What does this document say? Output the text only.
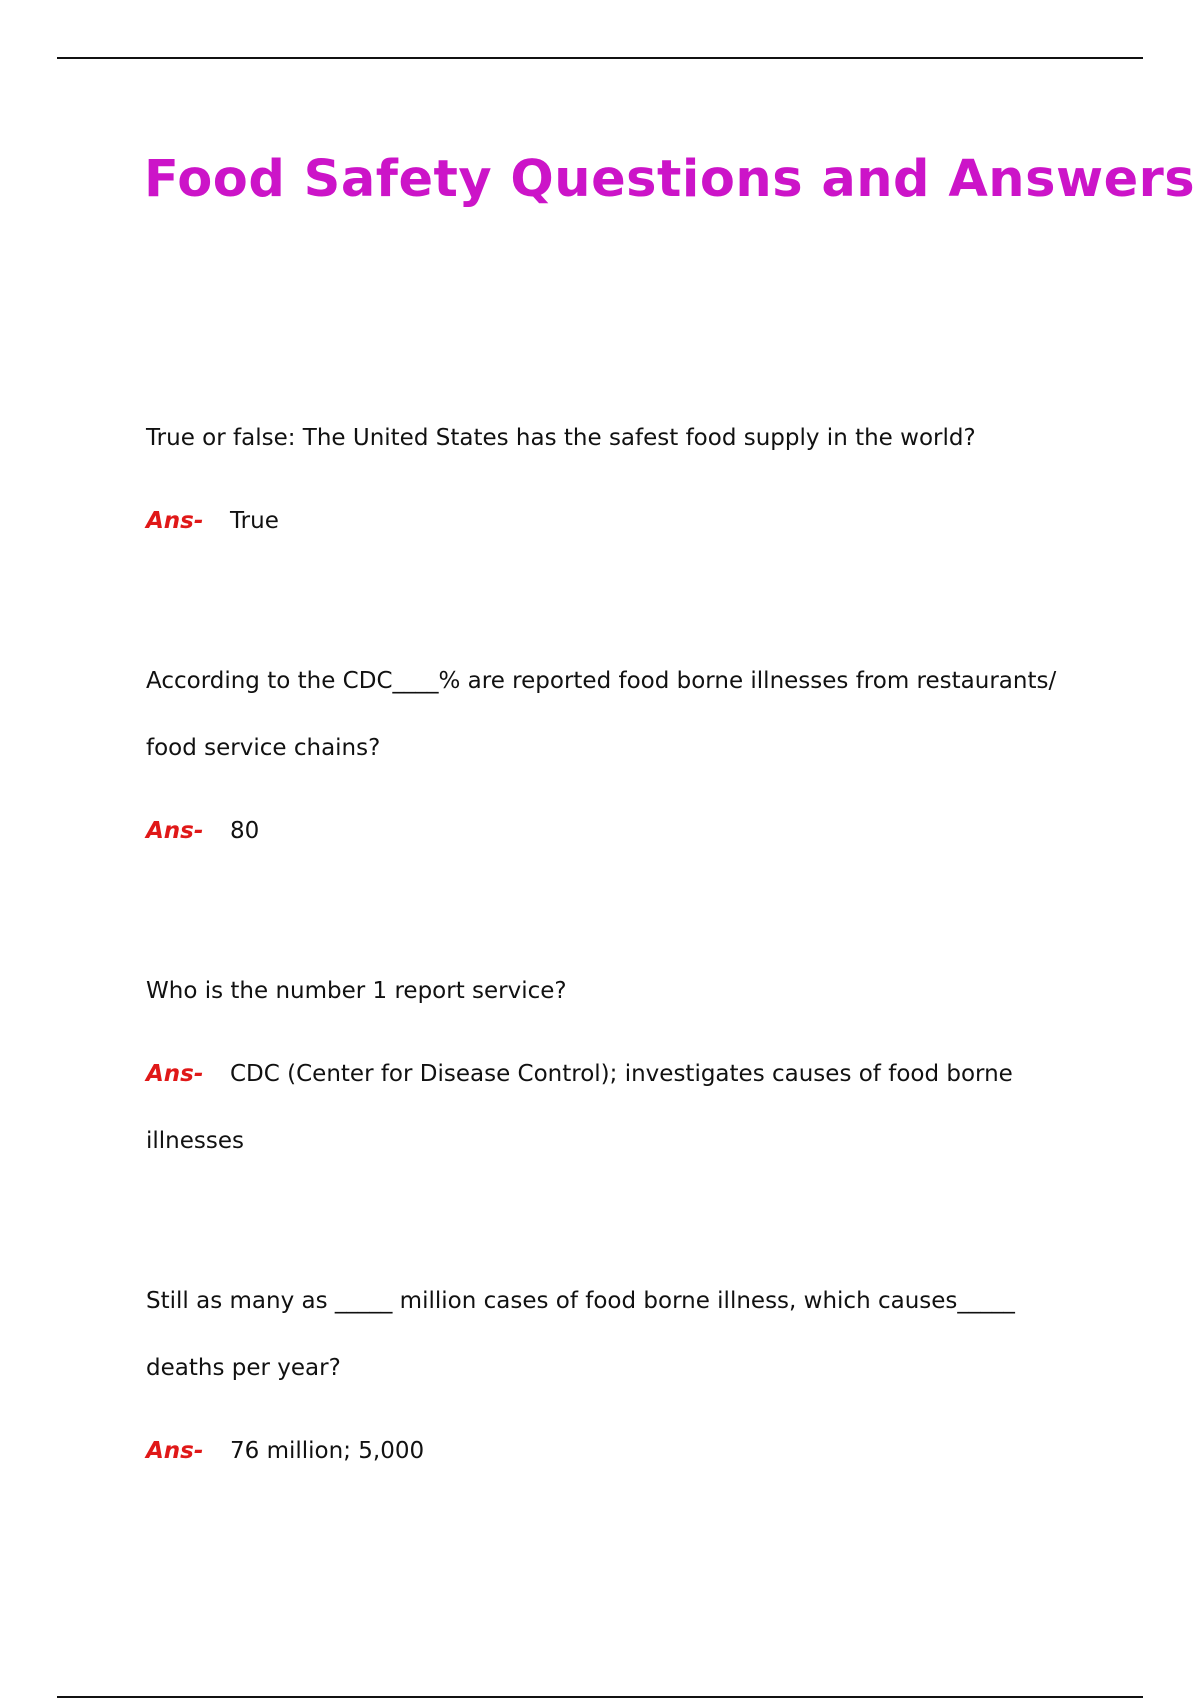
Food Safety Questions and Answers

True or false: The United States has the safest food supply in the world?

Ans- True

According to the CDC____% are reported food borne illnesses from restaurants/ food service chains?

Ans- 80

Who is the number 1 report service?

Ans- CDC (Center for Disease Control); investigates causes of food borne illnesses

Still as many as _____ million cases of food borne illness, which causes_____ deaths per year?

Ans- 76 million; 5,000
